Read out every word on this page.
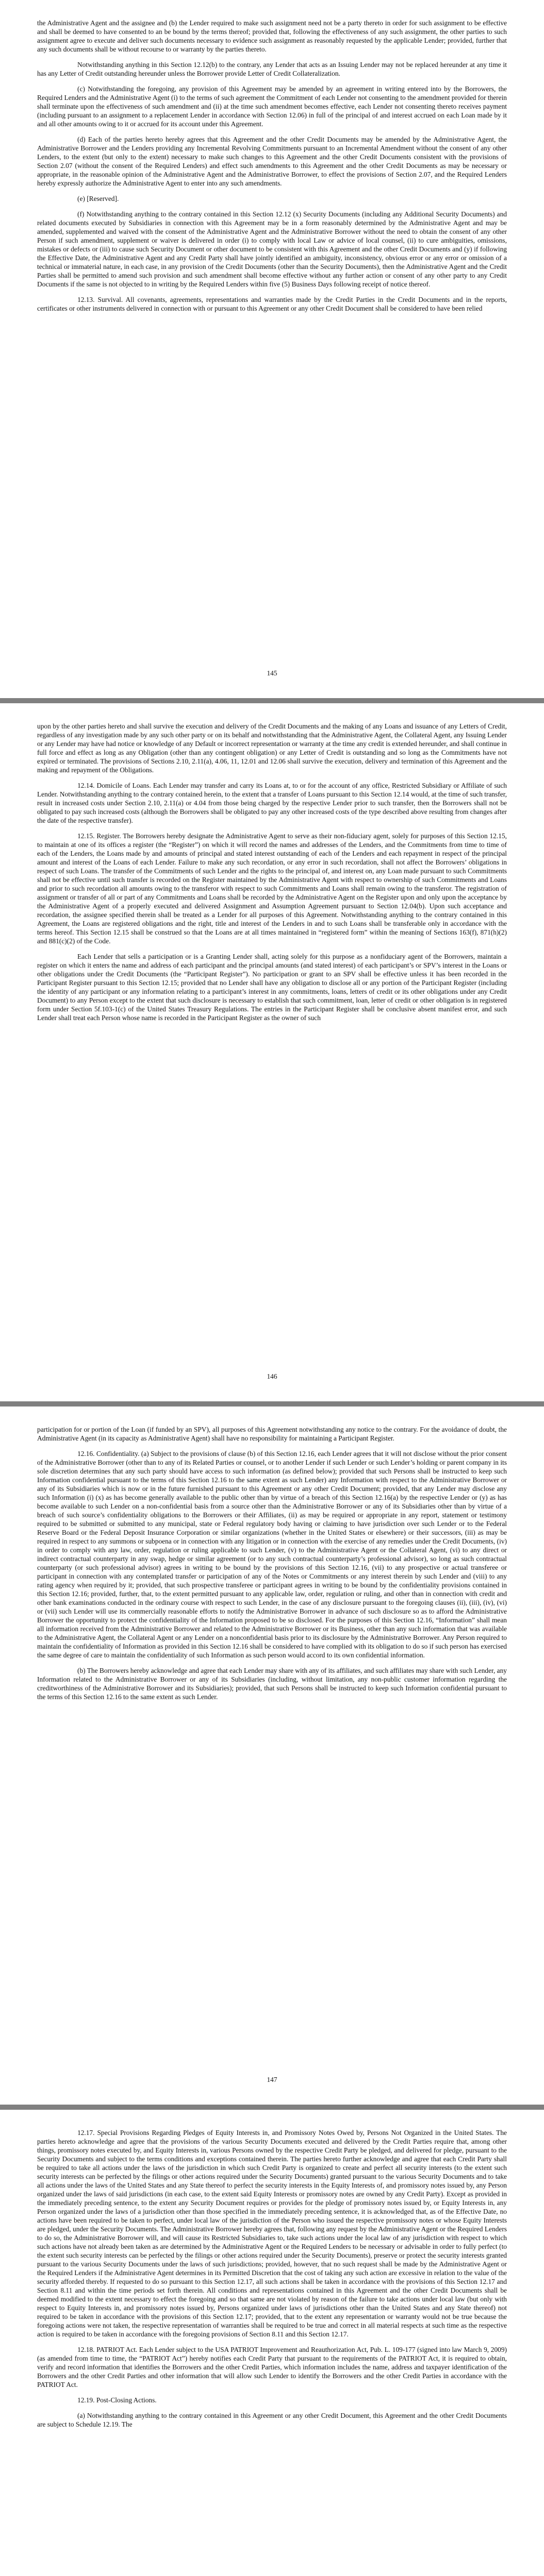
the Administrative Agent and the assignee and (b) the Lender required to make such assignment need not be a party thereto in order for such assignment to be effective and shall be deemed to have consented to an be bound by the terms thereof; provided that, following the effectiveness of any such assignment, the other parties to such assignment agree to execute and deliver such documents necessary to evidence such assignment as reasonably requested by the applicable Lender; provided, further that any such documents shall be without recourse to or warranty by the parties thereto.

Notwithstanding anything in this Section 12.12(b) to the contrary, any Lender that acts as an Issuing Lender may not be replaced hereunder at any time it has any Letter of Credit outstanding hereunder unless the Borrower provide Letter of Credit Collateralization.

(c) Notwithstanding the foregoing, any provision of this Agreement may be amended by an agreement in writing entered into by the Borrowers, the Required Lenders and the Administrative Agent (i) to the terms of such agreement the Commitment of each Lender not consenting to the amendment provided for therein shall terminate upon the effectiveness of such amendment and (ii) at the time such amendment becomes effective, each Lender not consenting thereto receives payment (including pursuant to an assignment to a replacement Lender in accordance with Section 12.06) in full of the principal of and interest accrued on each Loan made by it and all other amounts owing to it or accrued for its account under this Agreement.

(d) Each of the parties hereto hereby agrees that this Agreement and the other Credit Documents may be amended by the Administrative Agent, the Administrative Borrower and the Lenders providing any Incremental Revolving Commitments pursuant to an Incremental Amendment without the consent of any other Lenders, to the extent (but only to the extent) necessary to make such changes to this Agreement and the other Credit Documents consistent with the provisions of Section 2.07 (without the consent of the Required Lenders) and effect such amendments to this Agreement and the other Credit Documents as may be necessary or appropriate, in the reasonable opinion of the Administrative Agent and the Administrative Borrower, to effect the provisions of Section 2.07, and the Required Lenders hereby expressly authorize the Administrative Agent to enter into any such amendments.

(e) [Reserved].

(f) Notwithstanding anything to the contrary contained in this Section 12.12 (x) Security Documents (including any Additional Security Documents) and related documents executed by Subsidiaries in connection with this Agreement may be in a form reasonably determined by the Administrative Agent and may be amended, supplemented and waived with the consent of the Administrative Agent and the Administrative Borrower without the need to obtain the consent of any other Person if such amendment, supplement or waiver is delivered in order (i) to comply with local Law or advice of local counsel, (ii) to cure ambiguities, omissions, mistakes or defects or (iii) to cause such Security Document or other document to be consistent with this Agreement and the other Credit Documents and (y) if following the Effective Date, the Administrative Agent and any Credit Party shall have jointly identified an ambiguity, inconsistency, obvious error or any error or omission of a technical or immaterial nature, in each case, in any provision of the Credit Documents (other than the Security Documents), then the Administrative Agent and the Credit Parties shall be permitted to amend such provision and such amendment shall become effective without any further action or consent of any other party to any Credit Documents if the same is not objected to in writing by the Required Lenders within five (5) Business Days following receipt of notice thereof.

12.13. Survival. All covenants, agreements, representations and warranties made by the Credit Parties in the Credit Documents and in the reports, certificates or other instruments delivered in connection with or pursuant to this Agreement or any other Credit Document shall be considered to have been relied

145

upon by the other parties hereto and shall survive the execution and delivery of the Credit Documents and the making of any Loans and issuance of any Letters of Credit, regardless of any investigation made by any such other party or on its behalf and notwithstanding that the Administrative Agent, the Collateral Agent, any Issuing Lender or any Lender may have had notice or knowledge of any Default or incorrect representation or warranty at the time any credit is extended hereunder, and shall continue in full force and effect as long as any Obligation (other than any contingent obligation) or any Letter of Credit is outstanding and so long as the Commitments have not expired or terminated. The provisions of Sections 2.10, 2.11(a), 4.06, 11, 12.01 and 12.06 shall survive the execution, delivery and termination of this Agreement and the making and repayment of the Obligations.

12.14. Domicile of Loans. Each Lender may transfer and carry its Loans at, to or for the account of any office, Restricted Subsidiary or Affiliate of such Lender. Notwithstanding anything to the contrary contained herein, to the extent that a transfer of Loans pursuant to this Section 12.14 would, at the time of such transfer, result in increased costs under Section 2.10, 2.11(a) or 4.04 from those being charged by the respective Lender prior to such transfer, then the Borrowers shall not be obligated to pay such increased costs (although the Borrowers shall be obligated to pay any other increased costs of the type described above resulting from changes after the date of the respective transfer).

12.15. Register. The Borrowers hereby designate the Administrative Agent to serve as their non-fiduciary agent, solely for purposes of this Section 12.15, to maintain at one of its offices a register (the “Register”) on which it will record the names and addresses of the Lenders, and the Commitments from time to time of each of the Lenders, the Loans made by and amounts of principal and stated interest outstanding of each of the Lenders and each repayment in respect of the principal amount and interest of the Loans of each Lender. Failure to make any such recordation, or any error in such recordation, shall not affect the Borrowers’ obligations in respect of such Loans. The transfer of the Commitments of such Lender and the rights to the principal of, and interest on, any Loan made pursuant to such Commitments shall not be effective until such transfer is recorded on the Register maintained by the Administrative Agent with respect to ownership of such Commitments and Loans and prior to such recordation all amounts owing to the transferor with respect to such Commitments and Loans shall remain owing to the transferor. The registration of assignment or transfer of all or part of any Commitments and Loans shall be recorded by the Administrative Agent on the Register upon and only upon the acceptance by the Administrative Agent of a properly executed and delivered Assignment and Assumption Agreement pursuant to Section 12.04(b). Upon such acceptance and recordation, the assignee specified therein shall be treated as a Lender for all purposes of this Agreement. Notwithstanding anything to the contrary contained in this Agreement, the Loans are registered obligations and the right, title and interest of the Lenders in and to such Loans shall be transferable only in accordance with the terms hereof. This Section 12.15 shall be construed so that the Loans are at all times maintained in “registered form” within the meaning of Sections 163(f), 871(h)(2) and 881(c)(2) of the Code.

Each Lender that sells a participation or is a Granting Lender shall, acting solely for this purpose as a nonfiduciary agent of the Borrowers, maintain a register on which it enters the name and address of each participant and the principal amounts (and stated interest) of each participant’s or SPV’s interest in the Loans or other obligations under the Credit Documents (the “Participant Register”). No participation or grant to an SPV shall be effective unless it has been recorded in the Participant Register pursuant to this Section 12.15; provided that no Lender shall have any obligation to disclose all or any portion of the Participant Register (including the identity of any participant or any information relating to a participant’s interest in any commitments, loans, letters of credit or its other obligations under any Credit Document) to any Person except to the extent that such disclosure is necessary to establish that such commitment, loan, letter of credit or other obligation is in registered form under Section 5f.103-1(c) of the United States Treasury Regulations. The entries in the Participant Register shall be conclusive absent manifest error, and such Lender shall treat each Person whose name is recorded in the Participant Register as the owner of such

146

participation for or portion of the Loan (if funded by an SPV), all purposes of this Agreement notwithstanding any notice to the contrary. For the avoidance of doubt, the Administrative Agent (in its capacity as Administrative Agent) shall have no responsibility for maintaining a Participant Register.

12.16. Confidentiality. (a) Subject to the provisions of clause (b) of this Section 12.16, each Lender agrees that it will not disclose without the prior consent of the Administrative Borrower (other than to any of its Related Parties or counsel, or to another Lender if such Lender or such Lender’s holding or parent company in its sole discretion determines that any such party should have access to such information (as defined below); provided that such Persons shall be instructed to keep such Information confidential pursuant to the terms of this Section 12.16 to the same extent as such Lender) any Information with respect to the Administrative Borrower or any of its Subsidiaries which is now or in the future furnished pursuant to this Agreement or any other Credit Document; provided, that any Lender may disclose any such Information (i) (x) as has become generally available to the public other than by virtue of a breach of this Section 12.16(a) by the respective Lender or (y) as has become available to such Lender on a non-confidential basis from a source other than the Administrative Borrower or any of its Subsidiaries other than by virtue of a breach of such source’s confidentiality obligations to the Borrowers or their Affiliates, (ii) as may be required or appropriate in any report, statement or testimony required to be submitted or submitted to any municipal, state or Federal regulatory body having or claiming to have jurisdiction over such Lender or to the Federal Reserve Board or the Federal Deposit Insurance Corporation or similar organizations (whether in the United States or elsewhere) or their successors, (iii) as may be required in respect to any summons or subpoena or in connection with any litigation or in connection with the exercise of any remedies under the Credit Documents, (iv) in order to comply with any law, order, regulation or ruling applicable to such Lender, (v) to the Administrative Agent or the Collateral Agent, (vi) to any direct or indirect contractual counterparty in any swap, hedge or similar agreement (or to any such contractual counterparty’s professional advisor), so long as such contractual counterparty (or such professional advisor) agrees in writing to be bound by the provisions of this Section 12.16, (vii) to any prospective or actual transferee or participant in connection with any contemplated transfer or participation of any of the Notes or Commitments or any interest therein by such Lender and (viii) to any rating agency when required by it; provided, that such prospective transferee or participant agrees in writing to be bound by the confidentiality provisions contained in this Section 12.16; provided, further, that, to the extent permitted pursuant to any applicable law, order, regulation or ruling, and other than in connection with credit and other bank examinations conducted in the ordinary course with respect to such Lender, in the case of any disclosure pursuant to the foregoing clauses (ii), (iii), (iv), (vi) or (vii) such Lender will use its commercially reasonable efforts to notify the Administrative Borrower in advance of such disclosure so as to afford the Administrative Borrower the opportunity to protect the confidentiality of the Information proposed to be so disclosed. For the purposes of this Section 12.16, “Information” shall mean all information received from the Administrative Borrower and related to the Administrative Borrower or its Business, other than any such information that was available to the Administrative Agent, the Collateral Agent or any Lender on a nonconfidential basis prior to its disclosure by the Administrative Borrower. Any Person required to maintain the confidentiality of Information as provided in this Section 12.16 shall be considered to have complied with its obligation to do so if such person has exercised the same degree of care to maintain the confidentiality of such Information as such person would accord to its own confidential information.

(b) The Borrowers hereby acknowledge and agree that each Lender may share with any of its affiliates, and such affiliates may share with such Lender, any Information related to the Administrative Borrower or any of its Subsidiaries (including, without limitation, any non-public customer information regarding the creditworthiness of the Administrative Borrower and its Subsidiaries); provided, that such Persons shall be instructed to keep such Information confidential pursuant to the terms of this Section 12.16 to the same extent as such Lender.

147

12.17. Special Provisions Regarding Pledges of Equity Interests in, and Promissory Notes Owed by, Persons Not Organized in the United States. The parties hereto acknowledge and agree that the provisions of the various Security Documents executed and delivered by the Credit Parties require that, among other things, promissory notes executed by, and Equity Interests in, various Persons owned by the respective Credit Party be pledged, and delivered for pledge, pursuant to the Security Documents and subject to the terms conditions and exceptions contained therein. The parties hereto further acknowledge and agree that each Credit Party shall be required to take all actions under the laws of the jurisdiction in which such Credit Party is organized to create and perfect all security interests (to the extent such security interests can be perfected by the filings or other actions required under the Security Documents) granted pursuant to the various Security Documents and to take all actions under the laws of the United States and any State thereof to perfect the security interests in the Equity Interests of, and promissory notes issued by, any Person organized under the laws of said jurisdictions (in each case, to the extent said Equity Interests or promissory notes are owned by any Credit Party). Except as provided in the immediately preceding sentence, to the extent any Security Document requires or provides for the pledge of promissory notes issued by, or Equity Interests in, any Person organized under the laws of a jurisdiction other than those specified in the immediately preceding sentence, it is acknowledged that, as of the Effective Date, no actions have been required to be taken to perfect, under local law of the jurisdiction of the Person who issued the respective promissory notes or whose Equity Interests are pledged, under the Security Documents. The Administrative Borrower hereby agrees that, following any request by the Administrative Agent or the Required Lenders to do so, the Administrative Borrower will, and will cause its Restricted Subsidiaries to, take such actions under the local law of any jurisdiction with respect to which such actions have not already been taken as are determined by the Administrative Agent or the Required Lenders to be necessary or advisable in order to fully perfect (to the extent such security interests can be perfected by the filings or other actions required under the Security Documents), preserve or protect the security interests granted pursuant to the various Security Documents under the laws of such jurisdictions; provided, however, that no such request shall be made by the Administrative Agent or the Required Lenders if the Administrative Agent determines in its Permitted Discretion that the cost of taking any such action are excessive in relation to the value of the security afforded thereby. If requested to do so pursuant to this Section 12.17, all such actions shall be taken in accordance with the provisions of this Section 12.17 and Section 8.11 and within the time periods set forth therein. All conditions and representations contained in this Agreement and the other Credit Documents shall be deemed modified to the extent necessary to effect the foregoing and so that same are not violated by reason of the failure to take actions under local law (but only with respect to Equity Interests in, and promissory notes issued by, Persons organized under laws of jurisdictions other than the United States and any State thereof) not required to be taken in accordance with the provisions of this Section 12.17; provided, that to the extent any representation or warranty would not be true because the foregoing actions were not taken, the respective representation of warranties shall be required to be true and correct in all material respects at such time as the respective action is required to be taken in accordance with the foregoing provisions of Section 8.11 and this Section 12.17.

12.18. PATRIOT Act. Each Lender subject to the USA PATRIOT Improvement and Reauthorization Act, Pub. L. 109-177 (signed into law March 9, 2009) (as amended from time to time, the “PATRIOT Act”) hereby notifies each Credit Party that pursuant to the requirements of the PATRIOT Act, it is required to obtain, verify and record information that identifies the Borrowers and the other Credit Parties, which information includes the name, address and taxpayer identification of the Borrowers and the other Credit Parties and other information that will allow such Lender to identify the Borrowers and the other Credit Parties in accordance with the PATRIOT Act.

12.19. Post-Closing Actions.

(a) Notwithstanding anything to the contrary contained in this Agreement or any other Credit Document, this Agreement and the other Credit Documents are subject to Schedule 12.19. The
